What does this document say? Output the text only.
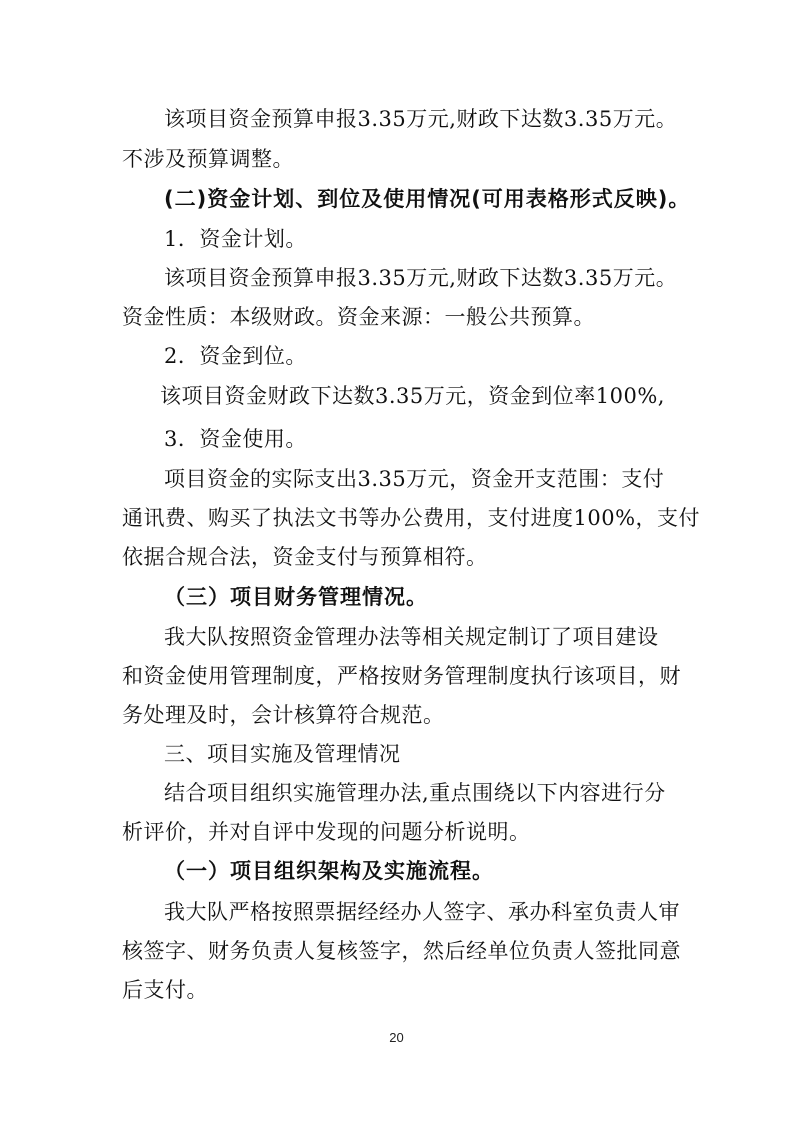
该项目资金预算申报3.35万元,财政下达数3.35万元。
不涉及预算调整。
(二)资金计划、到位及使用情况(可用表格形式反映)。
1．资金计划。
该项目资金预算申报3.35万元,财政下达数3.35万元。
资金性质：本级财政。资金来源：一般公共预算。
2．资金到位。
该项目资金财政下达数3.35万元，资金到位率100%,
3．资金使用。
项目资金的实际支出3.35万元，资金开支范围：支付
通讯费、购买了执法文书等办公费用，支付进度100%，支付
依据合规合法，资金支付与预算相符。
（三）项目财务管理情况。
我大队按照资金管理办法等相关规定制订了项目建设
和资金使用管理制度，严格按财务管理制度执行该项目，财
务处理及时，会计核算符合规范。
三、项目实施及管理情况
结合项目组织实施管理办法,重点围绕以下内容进行分
析评价，并对自评中发现的问题分析说明。
（一）项目组织架构及实施流程。
我大队严格按照票据经经办人签字、承办科室负责人审
核签字、财务负责人复核签字，然后经单位负责人签批同意
后支付。
20
